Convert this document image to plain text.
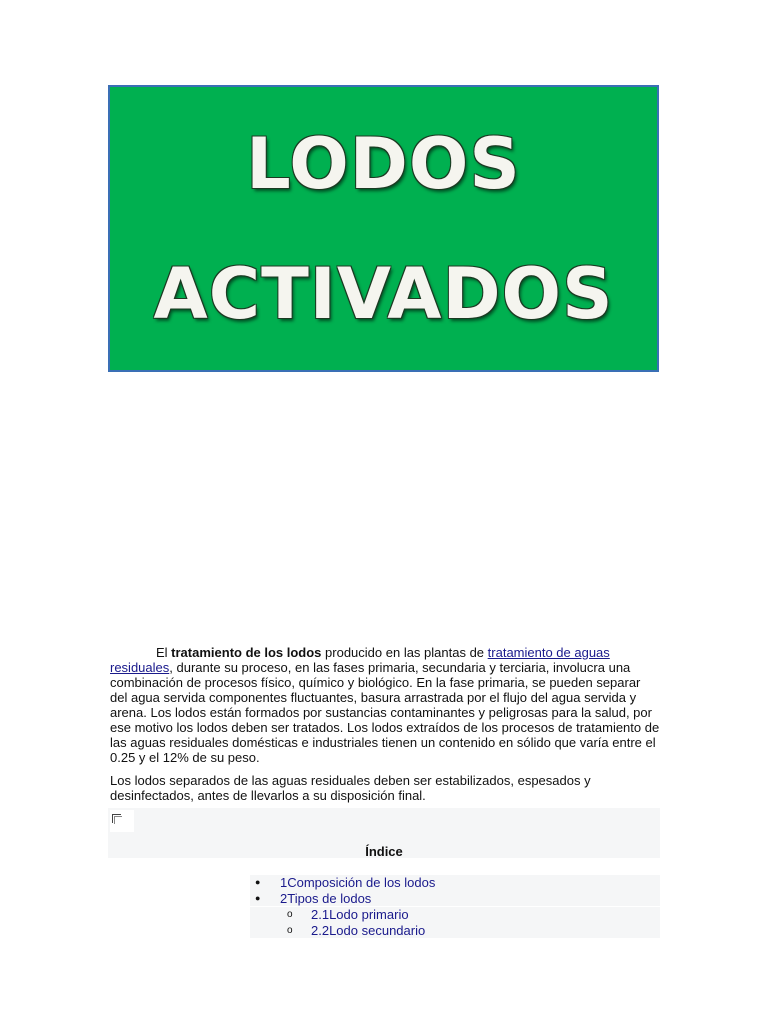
LODOS
ACTIVADOS

El tratamiento de los lodos producido en las plantas de tratamiento de aguas residuales, durante su proceso, en las fases primaria, secundaria y terciaria, involucra una combinación de procesos físico, químico y biológico. En la fase primaria, se pueden separar del agua servida componentes fluctuantes, basura arrastrada por el flujo del agua servida y arena. Los lodos están formados por sustancias contaminantes y peligrosas para la salud, por ese motivo los lodos deben ser tratados. Los lodos extraídos de los procesos de tratamiento de las aguas residuales domésticas e industriales tienen un contenido en sólido que varía entre el 0.25 y el 12% de su peso.

Los lodos separados de las aguas residuales deben ser estabilizados, espesados y desinfectados, antes de llevarlos a su disposición final.

Índice
● 1Composición de los lodos
● 2Tipos de lodos
o 2.1Lodo primario
o 2.2Lodo secundario
